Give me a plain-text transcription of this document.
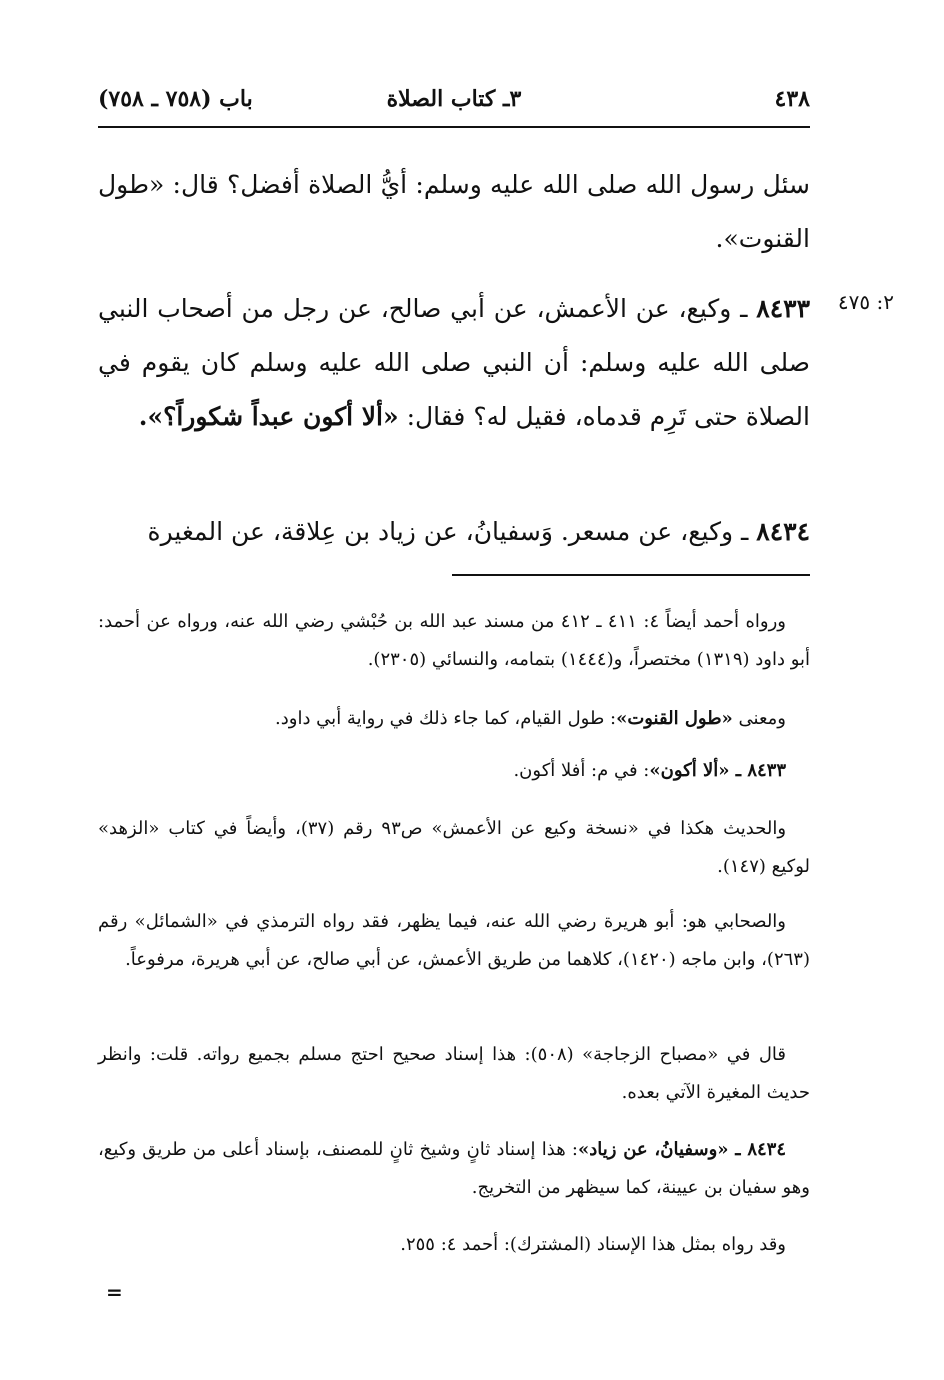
٤٣٨
٣ـ كتاب الصلاة
باب (٧٥٨ ـ ٧٥٨)

سئل رسول الله صلى الله عليه وسلم: أيُّ الصلاة أفضل؟ قال: «طول القنوت».

٢: ٤٧٥

٨٤٣٣ ـ وكيع، عن الأعمش، عن أبي صالح، عن رجل من أصحاب النبي صلى الله عليه وسلم: أن النبي صلى الله عليه وسلم كان يقوم في الصلاة حتى تَرِم قدماه، فقيل له؟ فقال: «ألا أكون عبداً شكوراً؟».

٨٤٣٤ ـ وكيع، عن مسعر. وَسفيانُ، عن زياد بن عِلاقة، عن المغيرة

ورواه أحمد أيضاً ٤: ٤١١ ـ ٤١٢ من مسند عبد الله بن حُبْشي رضي الله عنه، ورواه عن أحمد: أبو داود (١٣١٩) مختصراً، و(١٤٤٤) بتمامه، والنسائي (٢٣٠٥).

ومعنى «طول القنوت»: طول القيام، كما جاء ذلك في رواية أبي داود.

٨٤٣٣ ـ «ألا أكون»: في م: أفلا أكون.

والحديث هكذا في «نسخة وكيع عن الأعمش» ص٩٣ رقم (٣٧)، وأيضاً في كتاب «الزهد» لوكيع (١٤٧).

والصحابي هو: أبو هريرة رضي الله عنه، فيما يظهر، فقد رواه الترمذي في «الشمائل» رقم (٢٦٣)، وابن ماجه (١٤٢٠)، كلاهما من طريق الأعمش، عن أبي صالح، عن أبي هريرة، مرفوعاً.

قال في «مصباح الزجاجة» (٥٠٨): هذا إسناد صحيح احتج مسلم بجميع رواته. قلت: وانظر حديث المغيرة الآتي بعده.

٨٤٣٤ ـ «وسفيانُ، عن زياد»: هذا إسناد ثانٍ وشيخ ثانٍ للمصنف، بإسناد أعلى من طريق وكيع، وهو سفيان بن عيينة، كما سيظهر من التخريج.

وقد رواه بمثل هذا الإسناد (المشترك): أحمد ٤: ٢٥٥.

=
